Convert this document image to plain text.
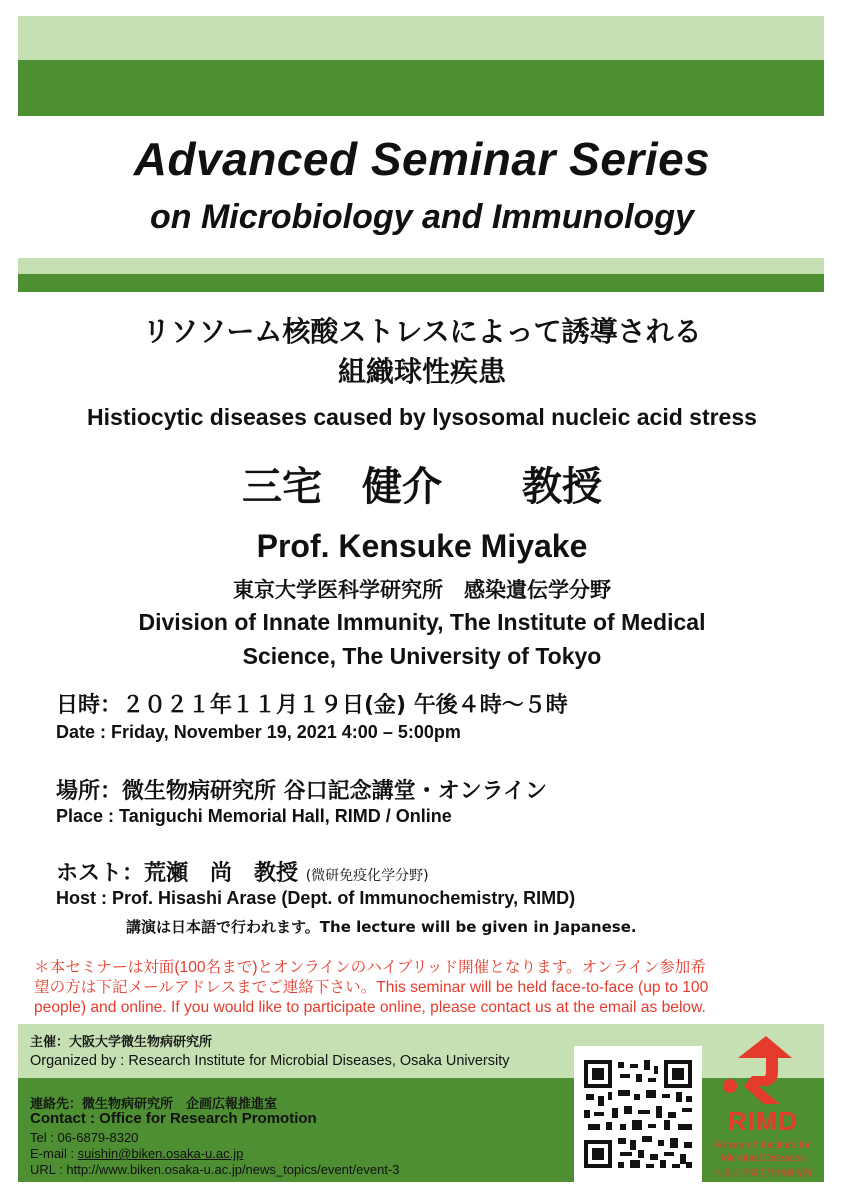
Advanced Seminar Series
on Microbiology and Immunology
リソソーム核酸ストレスによって誘導される
組織球性疾患
Histiocytic diseases caused by lysosomal nucleic acid stress
三宅　健介　　教授
Prof. Kensuke Miyake
東京大学医科学研究所　感染遺伝学分野
Division of Innate Immunity, The Institute of Medical
Science, The University of Tokyo
日時：２０２１年１１月１９日(金) 午後４時～５時
Date : Friday, November 19, 2021 4:00 – 5:00pm
場所：微生物病研究所 谷口記念講堂・オンライン
Place : Taniguchi Memorial Hall, RIMD / Online
ホスト：荒瀬　尚　教授 (微研免疫化学分野)
Host : Prof. Hisashi Arase (Dept. of Immunochemistry, RIMD)
講演は日本語で行われます。The lecture will be given in Japanese.
＊本セミナーは対面(100名まで)とオンラインのハイブリッド開催となります。オンライン参加希
望の方は下記メールアドレスまでご連絡下さい。This seminar will be held face-to-face (up to 100
people) and online. If you would like to participate online, please contact us at the email as below.
主催：大阪大学微生物病研究所
Organized by : Research Institute for Microbial Diseases, Osaka University
連絡先：微生物病研究所　企画広報推進室
Contact : Office for Research Promotion
Tel : 06-6879-8320
E-mail : suishin@biken.osaka-u.ac.jp
URL : http://www.biken.osaka-u.ac.jp/news_topics/event/event-3
RIMD
Research Institute for
Microbial Diseases
大阪大学微生物病研究所
